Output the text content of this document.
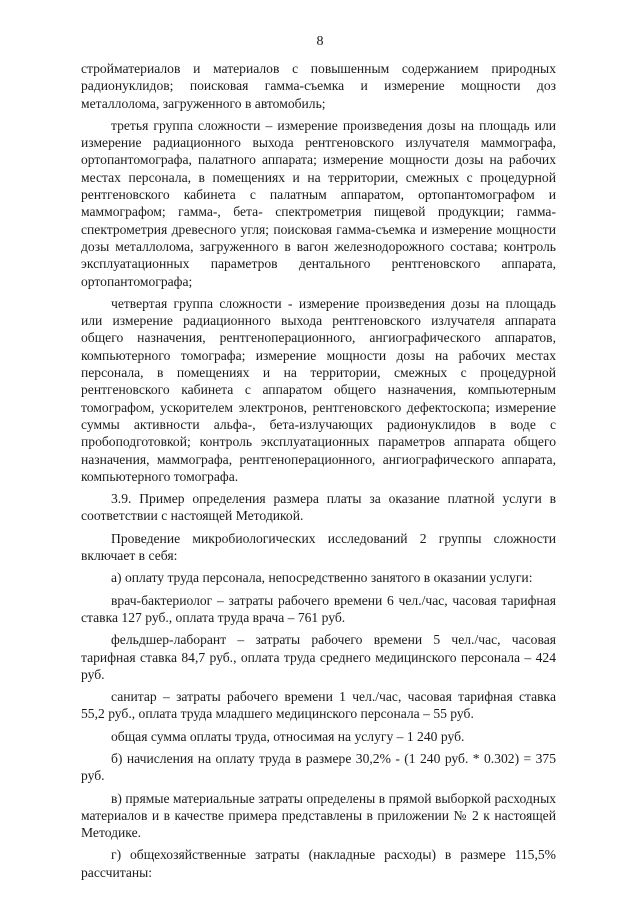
8

стройматериалов и материалов с повышенным содержанием природных радионуклидов; поисковая гамма-съемка и измерение мощности доз металлолома, загруженного в автомобиль;

третья группа сложности – измерение произведения дозы на площадь или измерение радиационного выхода рентгеновского излучателя маммографа, ортопантомографа, палатного аппарата; измерение мощности дозы на рабочих местах персонала, в помещениях и на территории, смежных с процедурной рентгеновского кабинета с палатным аппаратом, ортопантомографом и маммографом; гамма-, бета- спектрометрия пищевой продукции; гамма-спектрометрия древесного угля; поисковая гамма-съемка и измерение мощности дозы металлолома, загруженного в вагон железнодорожного состава; контроль эксплуатационных параметров дентального рентгеновского аппарата, ортопантомографа;

четвертая группа сложности - измерение произведения дозы на площадь или измерение радиационного выхода рентгеновского излучателя аппарата общего назначения, рентгеноперационного, ангиографического аппаратов, компьютерного томографа; измерение мощности дозы на рабочих местах персонала, в помещениях и на территории, смежных с процедурной рентгеновского кабинета с аппаратом общего назначения, компьютерным томографом, ускорителем электронов, рентгеновского дефектоскопа; измерение суммы активности альфа-, бета-излучающих радионуклидов в воде с пробоподготовкой; контроль эксплуатационных параметров аппарата общего назначения, маммографа, рентгеноперационного, ангиографического аппарата, компьютерного томографа.

3.9. Пример определения размера платы за оказание платной услуги в соответствии с настоящей Методикой.

Проведение микробиологических исследований 2 группы сложности включает в себя:

а) оплату труда персонала, непосредственно занятого в оказании услуги:

врач-бактериолог – затраты рабочего времени 6 чел./час, часовая тарифная ставка 127 руб., оплата труда врача – 761 руб.

фельдшер-лаборант – затраты рабочего времени 5 чел./час, часовая тарифная ставка 84,7 руб., оплата труда среднего медицинского персонала – 424 руб.

санитар – затраты рабочего времени 1 чел./час, часовая тарифная ставка 55,2 руб., оплата труда младшего медицинского персонала – 55 руб.

общая сумма оплаты труда, относимая на услугу – 1 240 руб.

б) начисления на оплату труда в размере 30,2% - (1 240 руб. * 0.302) = 375 руб.

в) прямые материальные затраты определены в прямой выборкой расходных материалов и в качестве примера представлены в приложении № 2 к настоящей Методике.

г) общехозяйственные затраты (накладные расходы) в размере 115,5% рассчитаны:
